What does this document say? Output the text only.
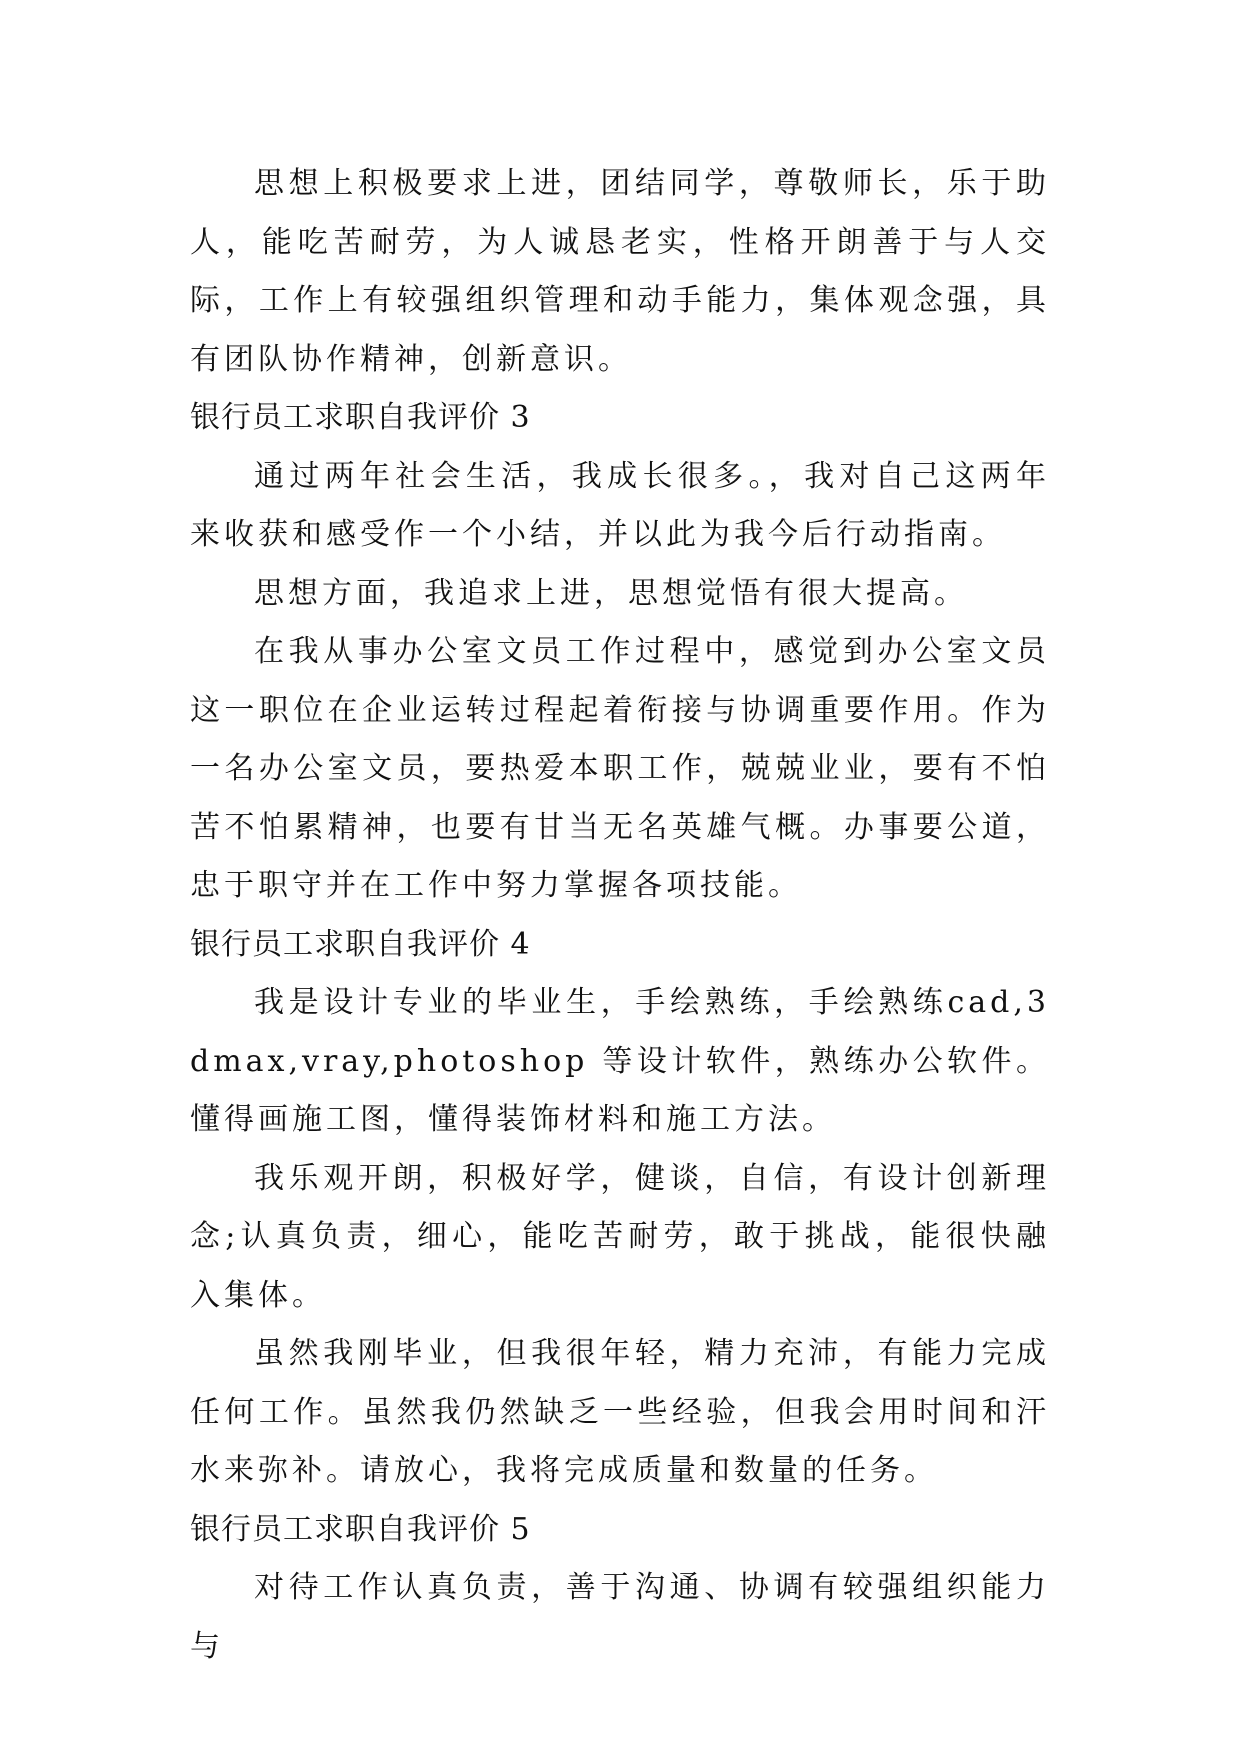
思想上积极要求上进，团结同学，尊敬师长，乐于助人，能吃苦耐劳，为人诚恳老实，性格开朗善于与人交际，工作上有较强组织管理和动手能力，集体观念强，具有团队协作精神，创新意识。

银行员工求职自我评价 3

通过两年社会生活，我成长很多。，我对自己这两年来收获和感受作一个小结，并以此为我今后行动指南。

思想方面，我追求上进，思想觉悟有很大提高。

在我从事办公室文员工作过程中，感觉到办公室文员这一职位在企业运转过程起着衔接与协调重要作用。作为一名办公室文员，要热爱本职工作，兢兢业业，要有不怕苦不怕累精神，也要有甘当无名英雄气概。办事要公道，忠于职守并在工作中努力掌握各项技能。

银行员工求职自我评价 4

我是设计专业的毕业生，手绘熟练，手绘熟练cad,3dmax,vray,photoshop 等设计软件，熟练办公软件。懂得画施工图，懂得装饰材料和施工方法。

我乐观开朗，积极好学，健谈，自信，有设计创新理念;认真负责，细心，能吃苦耐劳，敢于挑战，能很快融入集体。

虽然我刚毕业，但我很年轻，精力充沛，有能力完成任何工作。虽然我仍然缺乏一些经验，但我会用时间和汗水来弥补。请放心，我将完成质量和数量的任务。

银行员工求职自我评价 5

对待工作认真负责，善于沟通、协调有较强组织能力与
